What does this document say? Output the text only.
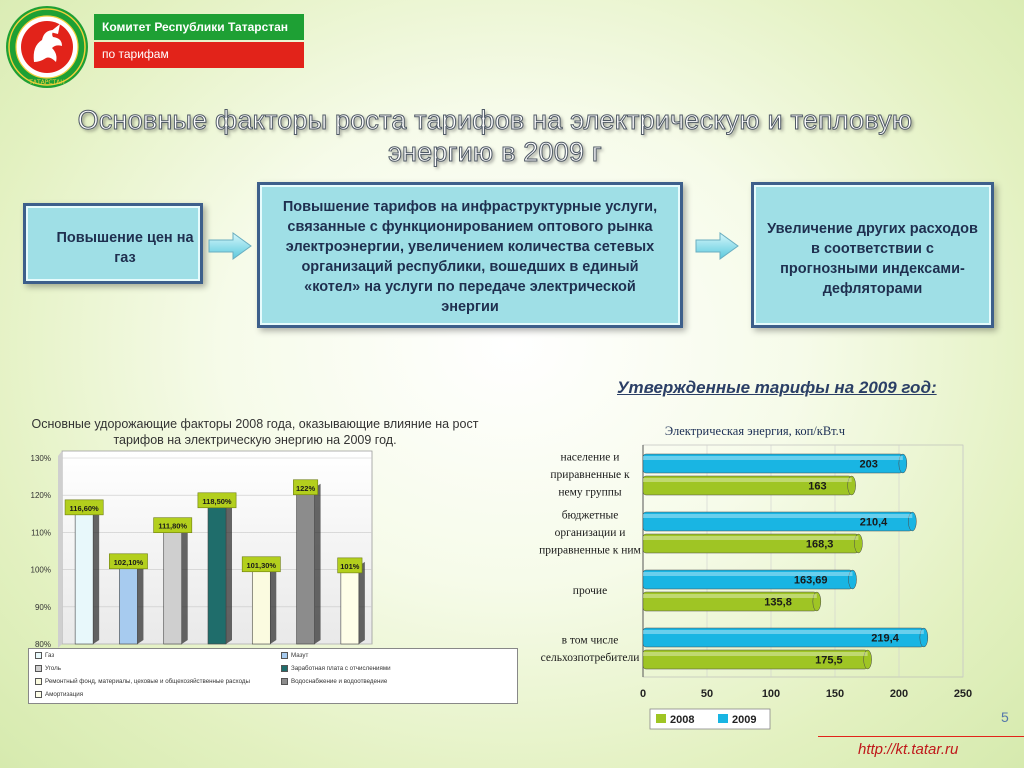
ТАТАРСТАН
Комитет Республики Татарстан
по тарифам
Основные факторы роста тарифов на электрическую и тепловую
энергию в 2009 г
Повышение цен на газ
Повышение тарифов на инфраструктурные услуги, связанные с функционированием оптового рынка электроэнергии, увеличением количества сетевых организаций республики, вошедших в единый «котел» на услуги по передаче электрической энергии
Увеличение других расходов в соответствии с прогнозными индексами-дефляторами
Утвержденные тарифы на 2009 год:
Основные удорожающие факторы 2008 года, оказывающие влияние на рост тарифов на электрическую энергию на 2009 год.
130%
120%
110%
100%
90%
80%
116,60%
102,10%
111,80%
118,50%
101,30%
122%
101%
Газ	Мазут
Уголь	Заработная плата с отчислениями
Ремонтный фонд, материалы, цеховые и общехозяйственные расходы	Водоснабжение и водоотведение
Амортизация
Электрическая энергия, коп/кВт.ч
население и
приравненные к
нему группы
бюджетные
организации и
приравненные к ним
прочие
в том числе
сельхозпотребители
203
163
210,4
168,3
163,69
135,8
219,4
175,5
0	50	100	150	200	250
2008	2009	5
http://kt.tatar.ru
